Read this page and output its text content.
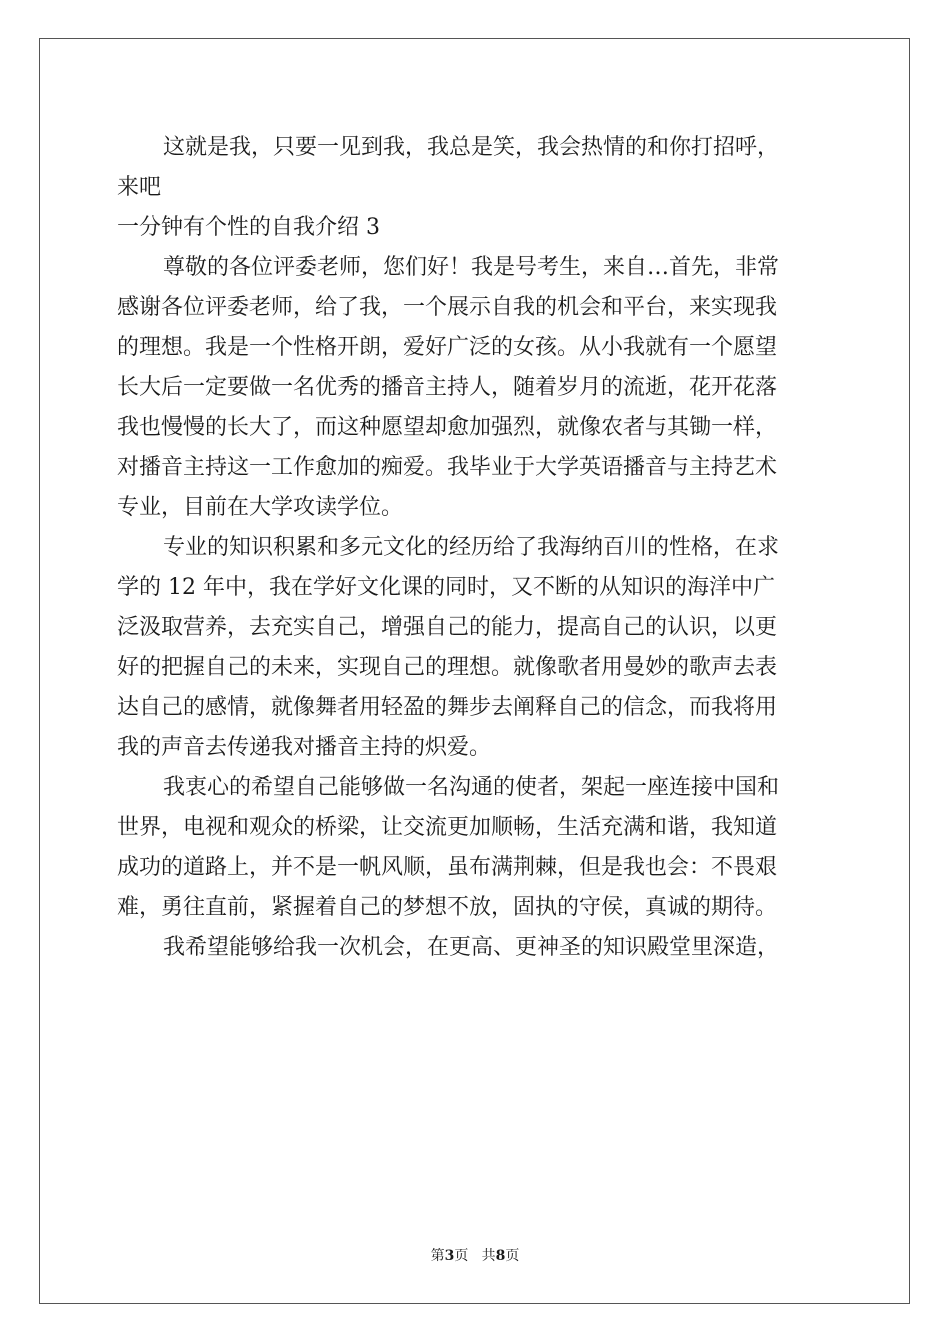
这就是我，只要一见到我，我总是笑，我会热情的和你打招呼，
来吧
一分钟有个性的自我介绍 3
尊敬的各位评委老师，您们好！我是号考生，来自…首先，非常
感谢各位评委老师，给了我，一个展示自我的机会和平台，来实现我
的理想。我是一个性格开朗，爱好广泛的女孩。从小我就有一个愿望
长大后一定要做一名优秀的播音主持人，随着岁月的流逝，花开花落
我也慢慢的长大了，而这种愿望却愈加强烈，就像农者与其锄一样，
对播音主持这一工作愈加的痴爱。我毕业于大学英语播音与主持艺术
专业，目前在大学攻读学位。
专业的知识积累和多元文化的经历给了我海纳百川的性格，在求
学的 12 年中，我在学好文化课的同时，又不断的从知识的海洋中广
泛汲取营养，去充实自己，增强自己的能力，提高自己的认识，以更
好的把握自己的未来，实现自己的理想。就像歌者用曼妙的歌声去表
达自己的感情，就像舞者用轻盈的舞步去阐释自己的信念，而我将用
我的声音去传递我对播音主持的炽爱。
我衷心的希望自己能够做一名沟通的使者，架起一座连接中国和
世界，电视和观众的桥梁，让交流更加顺畅，生活充满和谐，我知道
成功的道路上，并不是一帆风顺，虽布满荆棘，但是我也会：不畏艰
难，勇往直前，紧握着自己的梦想不放，固执的守侯，真诚的期待。
我希望能够给我一次机会，在更高、更神圣的知识殿堂里深造，
第3页 共8页
